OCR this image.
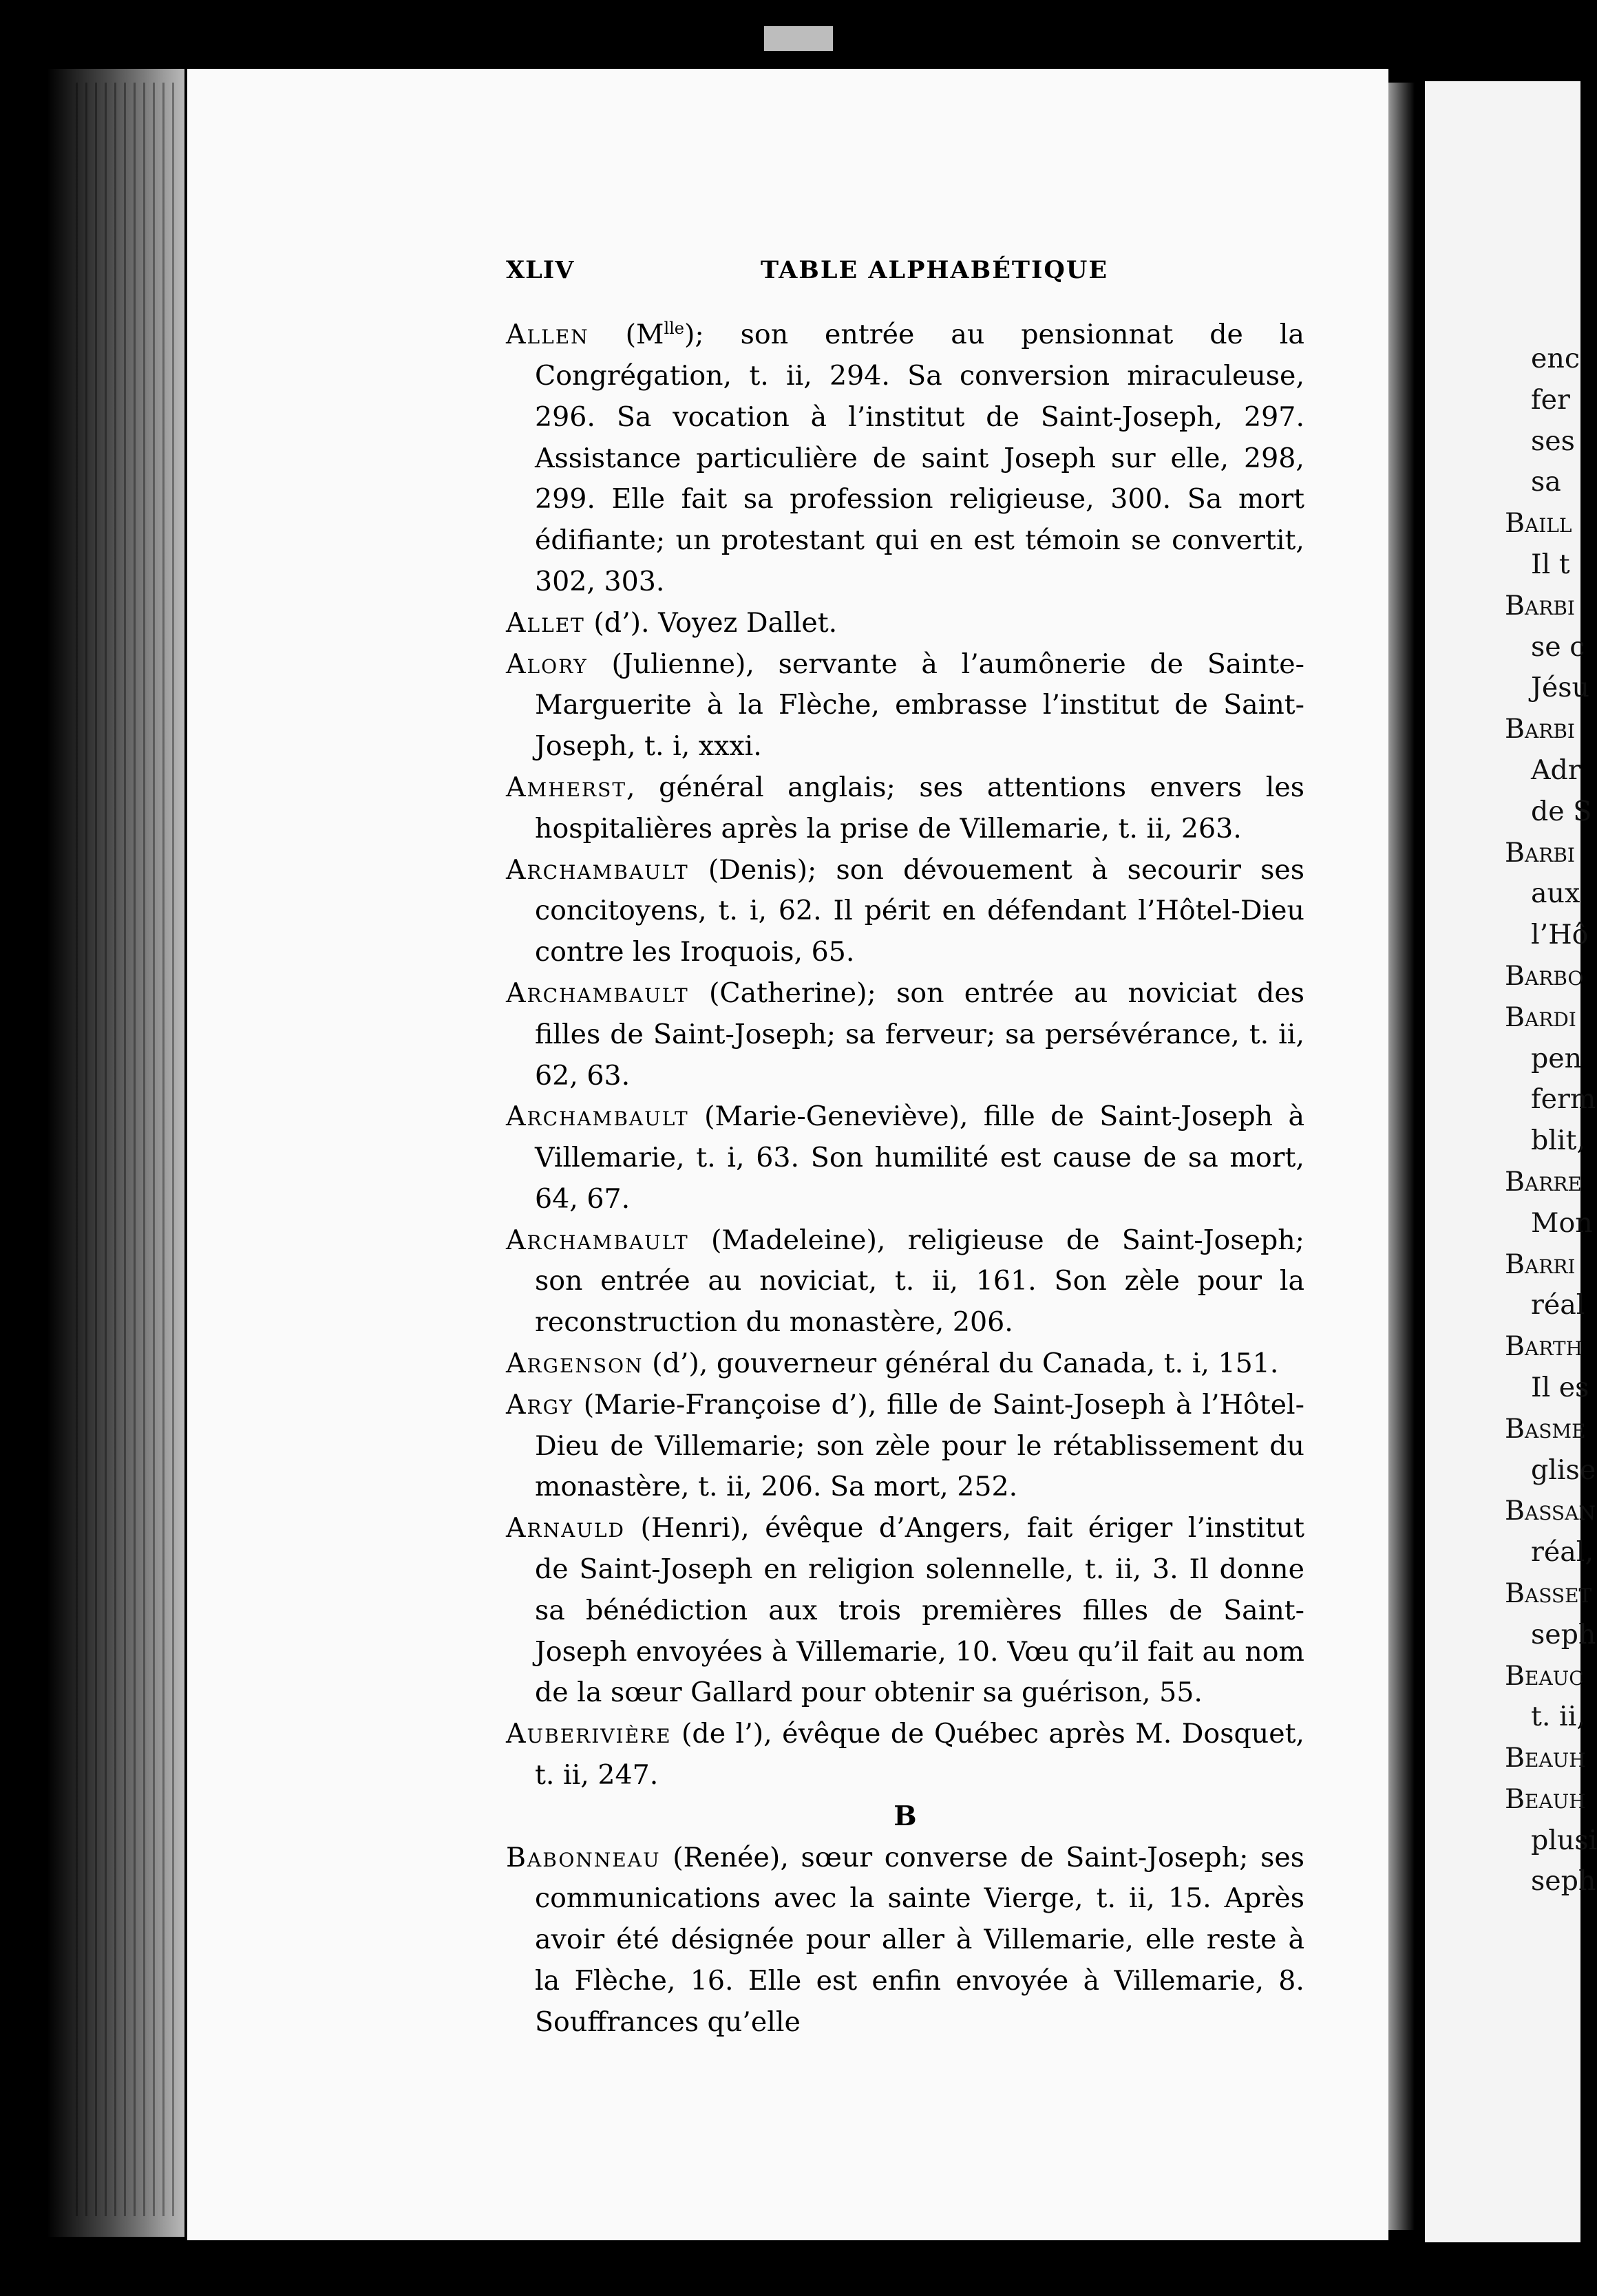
XLIV	TABLE ALPHABÉTIQUE

Allen $(M^{lle})$; son entrée au pensionnat de la Congrégation, t. ii, 294. Sa conversion miraculeuse, 296. Sa vocation à l’institut de Saint-Joseph, 297. Assistance particulière de saint Joseph sur elle, 298, 299. Elle fait sa profession religieuse, 300. Sa mort édifiante; un protestant qui en est témoin se convertit, 302, 303.

Allet (d’). Voyez Dallet.

Alory (Julienne), servante à l’aumônerie de Sainte-Marguerite à la Flèche, embrasse l’institut de Saint-Joseph, t. i, xxxi.

Amherst, général anglais; ses attentions envers les hospitalières après la prise de Villemarie, t. ii, 263.

Archambault (Denis); son dévouement à secourir ses concitoyens, t. i, 62. Il périt en défendant l’Hôtel-Dieu contre les Iroquois, 65.

Archambault (Catherine); son entrée au noviciat des filles de Saint-Joseph; sa ferveur; sa persévérance, t. ii, 62, 63.

Archambault (Marie-Geneviève), fille de Saint-Joseph à Villemarie, t. i, 63. Son humilité est cause de sa mort, 64, 67.

Archambault (Madeleine), religieuse de Saint-Joseph; son entrée au noviciat, t. ii, 161. Son zèle pour la reconstruction du monastère, 206.

Argenson (d’), gouverneur général du Canada, t. i, 151.

Argy (Marie-Françoise d’), fille de Saint-Joseph à l’Hôtel-Dieu de Villemarie; son zèle pour le rétablissement du monastère, t. ii, 206. Sa mort, 252.

Arnauld (Henri), évêque d’Angers, fait ériger l’institut de Saint-Joseph en religion solennelle, t. ii, 3. Il donne sa bénédiction aux trois premières filles de Saint-Joseph envoyées à Villemarie, 10. Vœu qu’il fait au nom de la sœur Gallard pour obtenir sa guérison, 55.

Auberivière (de l’), évêque de Québec après M. Dosquet, t. ii, 247.

B

Babonneau (Renée), sœur converse de Saint-Joseph; ses communications avec la sainte Vierge, t. ii, 15. Après avoir été désignée pour aller à Villemarie, elle reste à la Flèche, 16. Elle est enfin envoyée à Villemarie, 8. Souffrances qu’elle

enc
fer
ses
sa
Baill
Il t
Barbi
se c
Jésu
Barbi
Adr
de S
Barbi
aux
l’Hô
Barbo
Bardi
pen
ferm
blit,
Barre
Mon
Barri
réal
Barth
Il es
Basme
glise
Bassan
réal,
Basset
seph
Beauc
t. ii,
Beauh
Beauh
plusi
seph
